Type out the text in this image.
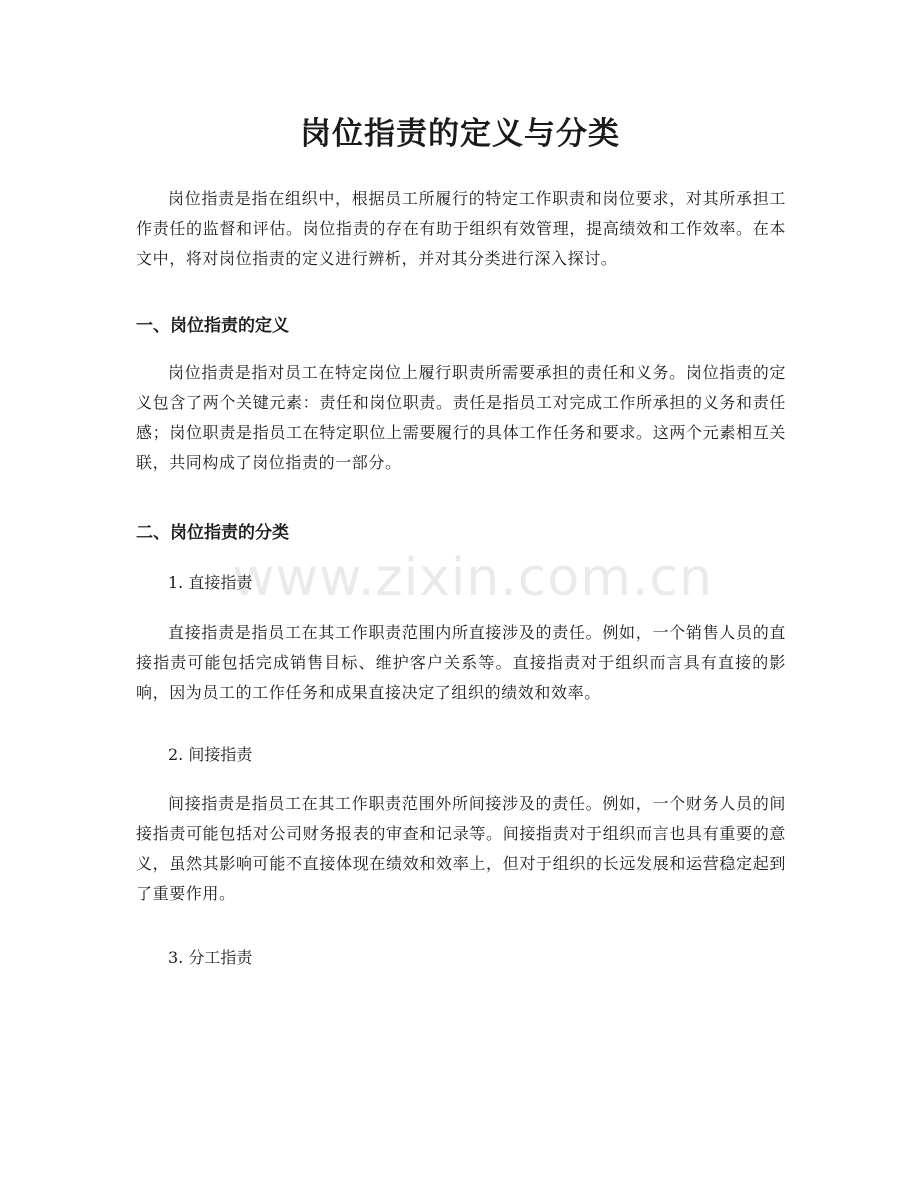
岗位指责的定义与分类

岗位指责是指在组织中，根据员工所履行的特定工作职责和岗位要求，对其所承担工作责任的监督和评估。岗位指责的存在有助于组织有效管理，提高绩效和工作效率。在本文中，将对岗位指责的定义进行辨析，并对其分类进行深入探讨。

一、岗位指责的定义

岗位指责是指对员工在特定岗位上履行职责所需要承担的责任和义务。岗位指责的定义包含了两个关键元素：责任和岗位职责。责任是指员工对完成工作所承担的义务和责任感；岗位职责是指员工在特定职位上需要履行的具体工作任务和要求。这两个元素相互关联，共同构成了岗位指责的一部分。

二、岗位指责的分类

1. 直接指责

直接指责是指员工在其工作职责范围内所直接涉及的责任。例如，一个销售人员的直接指责可能包括完成销售目标、维护客户关系等。直接指责对于组织而言具有直接的影响，因为员工的工作任务和成果直接决定了组织的绩效和效率。

2. 间接指责

间接指责是指员工在其工作职责范围外所间接涉及的责任。例如，一个财务人员的间接指责可能包括对公司财务报表的审查和记录等。间接指责对于组织而言也具有重要的意义，虽然其影响可能不直接体现在绩效和效率上，但对于组织的长远发展和运营稳定起到了重要作用。

3. 分工指责

www.zixin.com.cn
